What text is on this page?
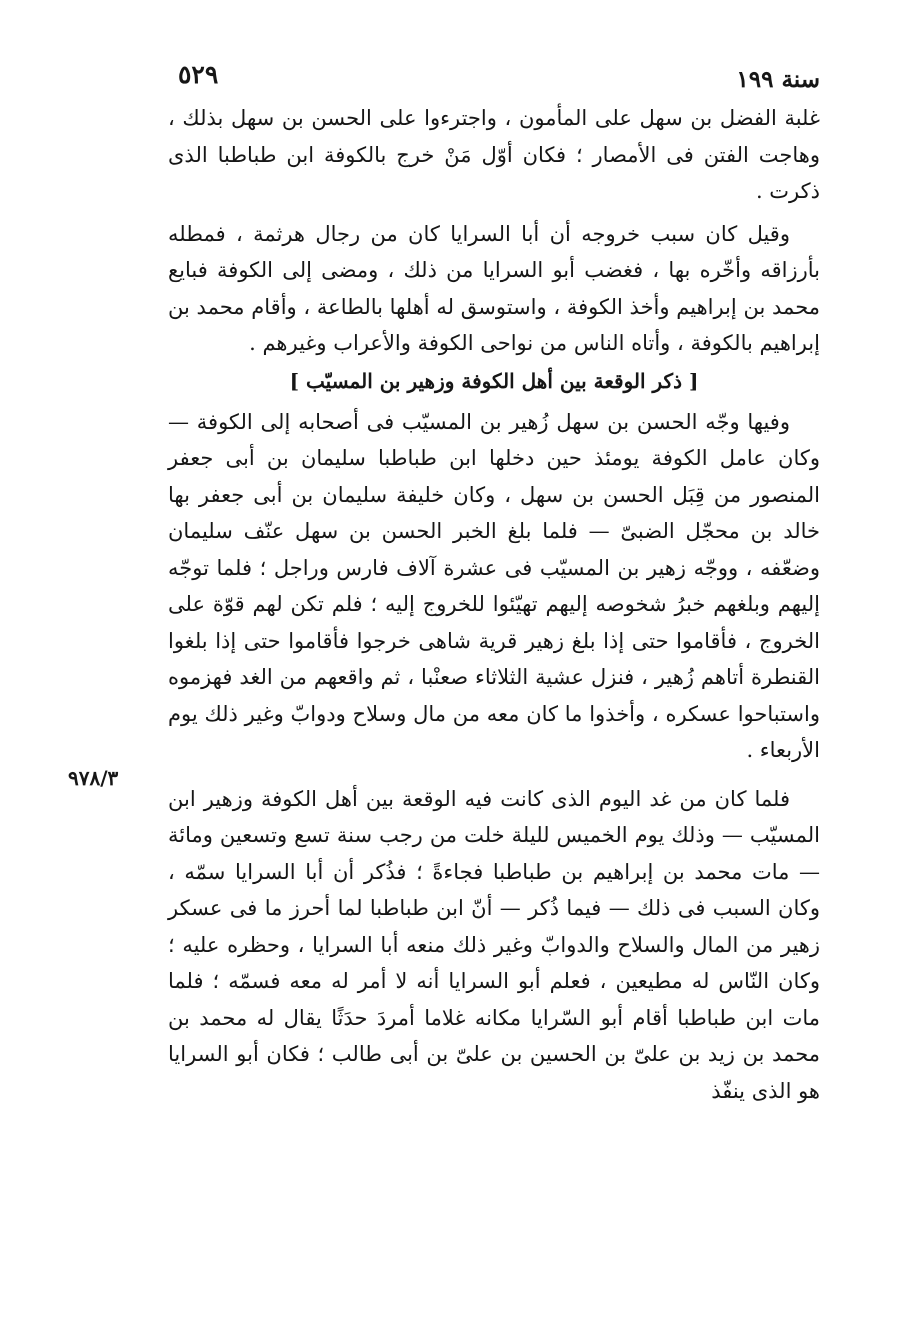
٥٢٩	سنة ١٩٩
٩٧٨/٣

غلبة الفضل بن سهل على المأمون ، واجترءوا على الحسن بن سهل بذلك ، وهاجت الفتن فى الأمصار ؛ فكان أوّل مَنْ خرج بالكوفة ابن طباطبا الذى ذكرت .

وقيل كان سبب خروجه أن أبا السرايا كان من رجال هرثمة ، فمطله بأرزاقه وأخّره بها ، فغضب أبو السرايا من ذلك ، ومضى إلى الكوفة فبايع محمد بن إبراهيم وأخذ الكوفة ، واستوسق له أهلها بالطاعة ، وأقام محمد بن إبراهيم بالكوفة ، وأتاه الناس من نواحى الكوفة والأعراب وغيرهم .

[ ذكر الوقعة بين أهل الكوفة وزهير بن المسيّب ]

وفيها وجّه الحسن بن سهل زُهير بن المسيّب فى أصحابه إلى الكوفة — وكان عامل الكوفة يومئذ حين دخلها ابن طباطبا سليمان بن أبى جعفر المنصور من قِبَل الحسن بن سهل ، وكان خليفة سليمان بن أبى جعفر بها خالد بن محجّل الضبىّ — فلما بلغ الخبر الحسن بن سهل عنّف سليمان وضعّفه ، ووجّه زهير بن المسيّب فى عشرة آلاف فارس وراجل ؛ فلما توجّه إليهم وبلغهم خبرُ شخوصه إليهم تهيّئوا للخروج إليه ؛ فلم تكن لهم قوّة على الخروج ، فأقاموا حتى إذا بلغ زهير قرية شاهى خرجوا فأقاموا حتى إذا بلغوا القنطرة أتاهم زُهير ، فنزل عشية الثلاثاء صعنْبا ، ثم واقعهم من الغد فهزموه واستباحوا عسكره ، وأخذوا ما كان معه من مال وسلاح ودوابّ وغير ذلك يوم الأربعاء .

فلما كان من غد اليوم الذى كانت فيه الوقعة بين أهل الكوفة وزهير ابن المسيّب — وذلك يوم الخميس لليلة خلت من رجب سنة تسع وتسعين ومائة — مات محمد بن إبراهيم بن طباطبا فجاءةً ؛ فذُكر أن أبا السرايا سمّه ، وكان السبب فى ذلك — فيما ذُكر — أنّ ابن طباطبا لما أحرز ما فى عسكر زهير من المال والسلاح والدوابّ وغير ذلك منعه أبا السرايا ، وحظره عليه ؛ وكان النّاس له مطيعين ، فعلم أبو السرايا أنه لا أمر له معه فسمّه ؛ فلما مات ابن طباطبا أقام أبو السّرايا مكانه غلاما أمردَ حدَثًا يقال له محمد بن محمد بن زيد بن علىّ بن الحسين بن علىّ بن أبى طالب ؛ فكان أبو السرايا هو الذى ينفّذ
